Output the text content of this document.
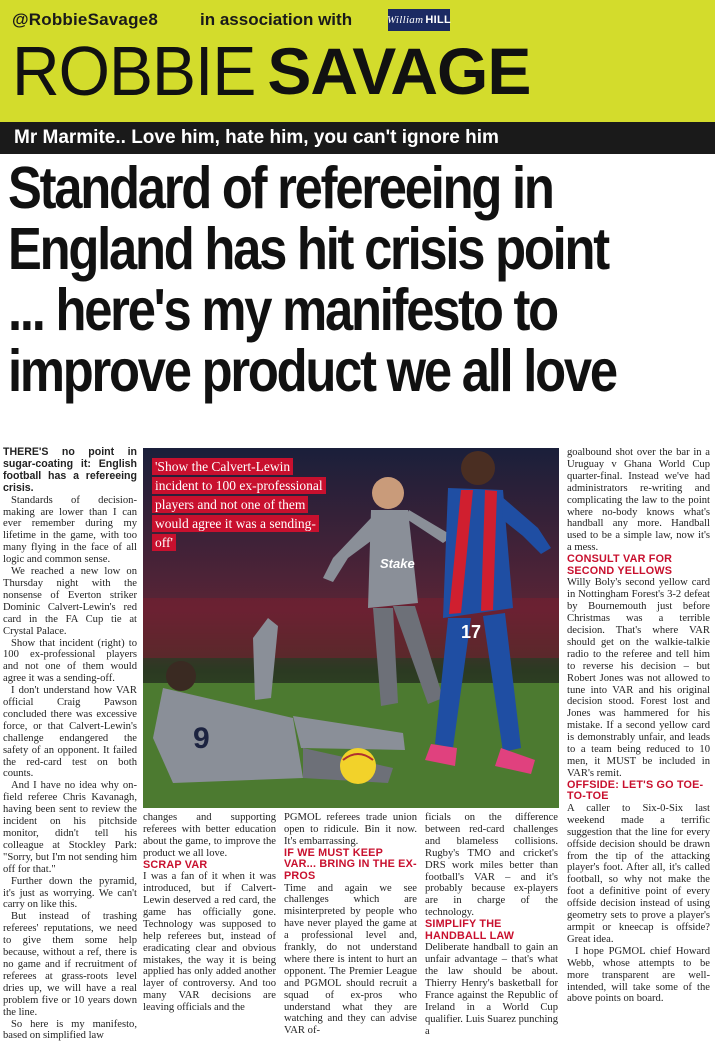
@RobbieSavage8 in association with	William HILL
ROBBIE SAVAGE
Mr Marmite.. Love him, hate him, you can't ignore him
Standard of refereeing in
England has hit crisis point
... here's my manifesto to
improve product we all love
Stake
17
9
'Show the Calvert-Lewin incident to 100 ex-professional players and not one of them would agree it was a sending-off'

THERE'S no point in sugar-coating it: English football has a refereeing crisis.

Standards of decision-making are lower than I can ever remember during my lifetime in the game, with too many flying in the face of all logic and common sense.

We reached a new low on Thursday night with the nonsense of Everton striker Dominic Calvert-Lewin's red card in the FA Cup tie at Crystal Palace.

Show that incident (right) to 100 ex-professional players and not one of them would agree it was a sending-off.

I don't understand how VAR official Craig Pawson concluded there was excessive force, or that Calvert-Lewin's challenge endangered the safety of an opponent. It failed the red-card test on both counts.

And I have no idea why on-field referee Chris Kavanagh, having been sent to review the incident on his pitchside monitor, didn't tell his colleague at Stockley Park: "Sorry, but I'm not sending him off for that."

Further down the pyramid, it's just as worrying. We can't carry on like this.

But instead of trashing referees' reputations, we need to give them some help because, without a ref, there is no game and if recruitment of referees at grass-roots level dries up, we will have a real problem five or 10 years down the line.

So here is my manifesto, based on simplified law

changes and supporting referees with better education about the game, to improve the product we all love.

SCRAP VAR

I was a fan of it when it was introduced, but if Calvert-Lewin deserved a red card, the game has officially gone. Technology was supposed to help referees but, instead of eradicating clear and obvious mistakes, the way it is being applied has only added another layer of controversy. And too many VAR decisions are leaving officials and the

PGMOL referees trade union open to ridicule. Bin it now. It's embarrassing.

IF WE MUST KEEP VAR... BRING IN THE EX-PROS

Time and again we see challenges which are misinterpreted by people who have never played the game at a professional level and, frankly, do not understand where there is intent to hurt an opponent. The Premier League and PGMOL should recruit a squad of ex-pros who understand what they are watching and they can advise VAR of-

ficials on the difference between red-card challenges and blameless collisions. Rugby's TMO and cricket's DRS work miles better than football's VAR – and it's probably because ex-players are in charge of the technology.

SIMPLIFY THE HANDBALL LAW

Deliberate handball to gain an unfair advantage – that's what the law should be about. Thierry Henry's basketball for France against the Republic of Ireland in a World Cup qualifier. Luis Suarez punching a

goalbound shot over the bar in a Uruguay v Ghana World Cup quarter-final. Instead we've had administrators re-writing and complicating the law to the point where no-body knows what's handball any more. Handball used to be a simple law, now it's a mess.

CONSULT VAR FOR SECOND YELLOWS

Willy Boly's second yellow card in Nottingham Forest's 3-2 defeat by Bournemouth just before Christmas was a terrible decision. That's where VAR should get on the walkie-talkie radio to the referee and tell him to reverse his decision – but Robert Jones was not allowed to tune into VAR and his original decision stood. Forest lost and Jones was hammered for his mistake. If a second yellow card is demonstrably unfair, and leads to a team being reduced to 10 men, it MUST be included in VAR's remit.

OFFSIDE: LET'S GO TOE-TO-TOE

A caller to Six-0-Six last weekend made a terrific suggestion that the line for every offside decision should be drawn from the tip of the attacking player's foot. After all, it's called football, so why not make the foot a definitive point of every offside decision instead of using geometry sets to prove a player's armpit or kneecap is offside? Great idea.

I hope PGMOL chief Howard Webb, whose attempts to be more transparent are well-intended, will take some of the above points on board.
